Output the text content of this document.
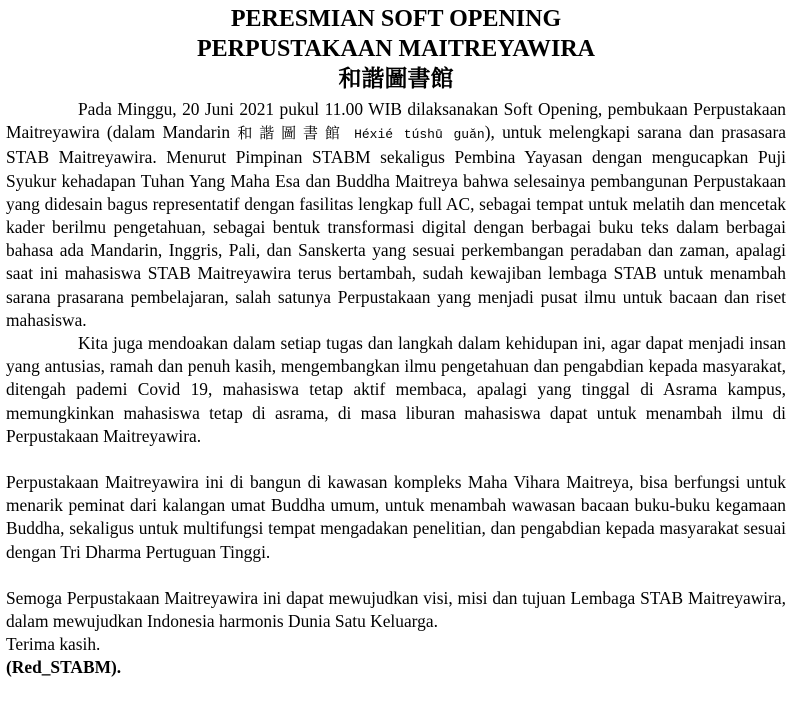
PERESMIAN SOFT OPENING
PERPUSTAKAAN MAITREYAWIRA
和諧圖書館

Pada Minggu, 20 Juni 2021 pukul 11.00 WIB dilaksanakan Soft Opening, pembukaan Perpustakaan Maitreyawira (dalam Mandarin 和諧圖書館 Héxié túshū guǎn), untuk melengkapi sarana dan prasasara STAB Maitreyawira. Menurut Pimpinan STABM sekaligus Pembina Yayasan dengan mengucapkan Puji Syukur kehadapan Tuhan Yang Maha Esa dan Buddha Maitreya bahwa selesainya pembangunan Perpustakaan yang didesain bagus representatif dengan fasilitas lengkap full AC, sebagai tempat untuk melatih dan mencetak kader berilmu pengetahuan, sebagai bentuk transformasi digital dengan berbagai buku teks dalam berbagai bahasa ada Mandarin, Inggris, Pali, dan Sanskerta yang sesuai perkembangan peradaban dan zaman, apalagi saat ini mahasiswa STAB Maitreyawira terus bertambah, sudah kewajiban lembaga STAB untuk menambah sarana prasarana pembelajaran, salah satunya Perpustakaan yang menjadi pusat ilmu untuk bacaan dan riset mahasiswa.

Kita juga mendoakan dalam setiap tugas dan langkah dalam kehidupan ini, agar dapat menjadi insan yang antusias, ramah dan penuh kasih, mengembangkan ilmu pengetahuan dan pengabdian kepada masyarakat, ditengah pademi Covid 19, mahasiswa tetap aktif membaca, apalagi yang tinggal di Asrama kampus, memungkinkan mahasiswa tetap di asrama, di masa liburan mahasiswa dapat untuk menambah ilmu di Perpustakaan Maitreyawira.

Perpustakaan Maitreyawira ini di bangun di kawasan kompleks Maha Vihara Maitreya, bisa berfungsi untuk menarik peminat dari kalangan umat Buddha umum, untuk menambah wawasan bacaan buku-buku kegamaan Buddha, sekaligus untuk multifungsi tempat mengadakan penelitian, dan pengabdian kepada masyarakat sesuai dengan Tri Dharma Pertuguan Tinggi.

Semoga Perpustakaan Maitreyawira ini dapat mewujudkan visi, misi dan tujuan Lembaga STAB Maitreyawira, dalam mewujudkan Indonesia harmonis Dunia Satu Keluarga.

Terima kasih.

(Red_STABM).
